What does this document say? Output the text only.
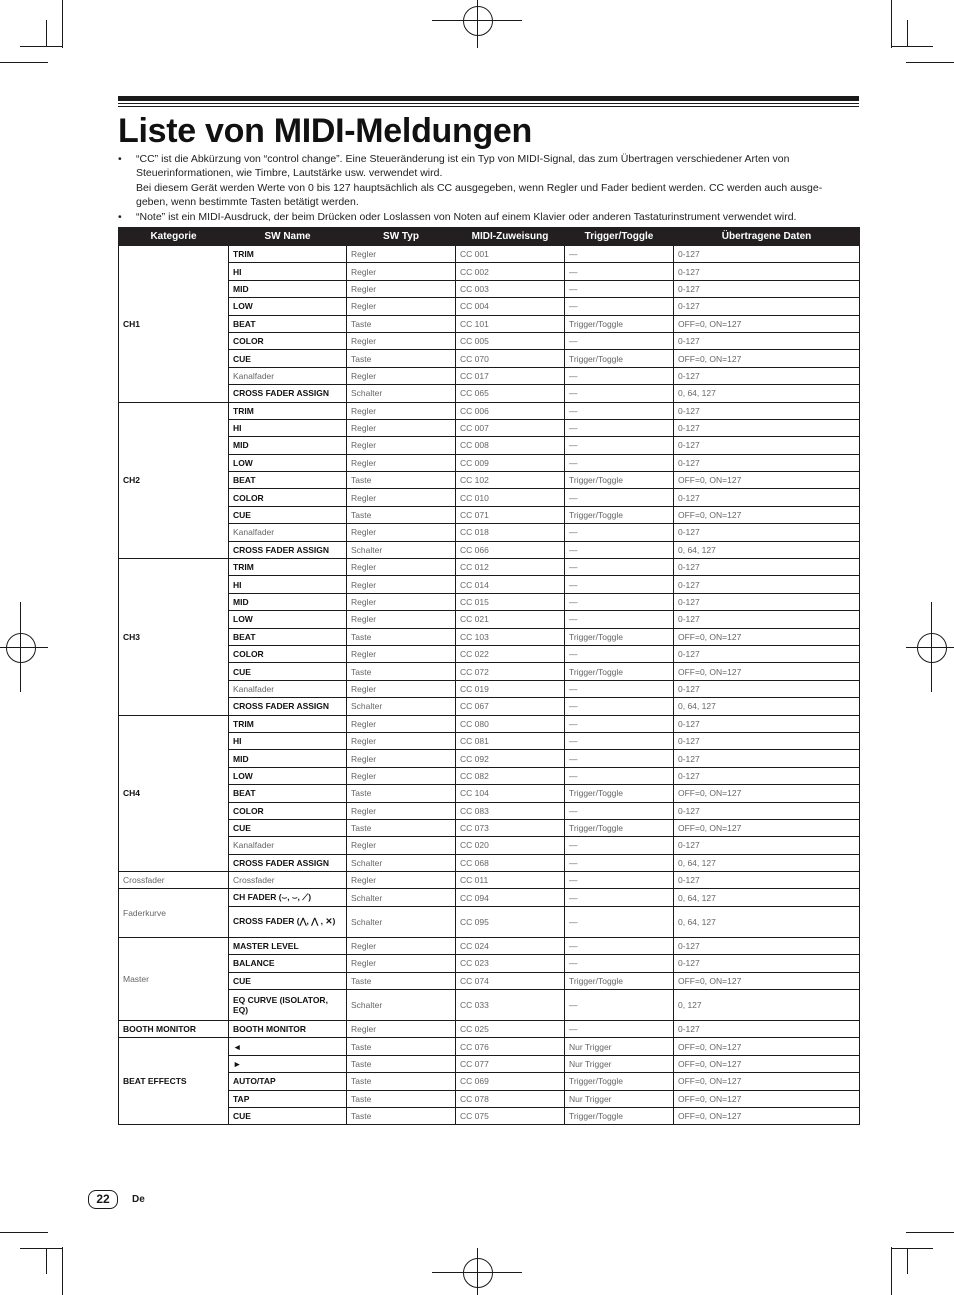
Liste von MIDI-Meldungen
• “CC” ist die Abkürzung von “control change”. Eine Steueränderung ist ein Typ von MIDI-Signal, das zum Übertragen verschiedener Arten von
Steuerinformationen, wie Timbre, Lautstärke usw. verwendet wird.
Bei diesem Gerät werden Werte von 0 bis 127 hauptsächlich als CC ausgegeben, wenn Regler und Fader bedient werden. CC werden auch ausge-
geben, wenn bestimmte Tasten betätigt werden.
• “Note” ist ein MIDI-Ausdruck, der beim Drücken oder Loslassen von Noten auf einem Klavier oder anderen Tastaturinstrument verwendet wird.
Kategorie	SW Name	SW Typ	MIDI-Zuweisung	Trigger/Toggle	Übertragene Daten
CH1	TRIM	Regler	CC 001	—	0-127
	HI	Regler	CC 002	—	0-127
	MID	Regler	CC 003	—	0-127
	LOW	Regler	CC 004	—	0-127
	BEAT	Taste	CC 101	Trigger/Toggle	OFF=0, ON=127
	COLOR	Regler	CC 005	—	0-127
	CUE	Taste	CC 070	Trigger/Toggle	OFF=0, ON=127
	Kanalfader	Regler	CC 017	—	0-127
	CROSS FADER ASSIGN	Schalter	CC 065	—	0, 64, 127
CH2	TRIM	Regler	CC 006	—	0-127
	HI	Regler	CC 007	—	0-127
	MID	Regler	CC 008	—	0-127
	LOW	Regler	CC 009	—	0-127
	BEAT	Taste	CC 102	Trigger/Toggle	OFF=0, ON=127
	COLOR	Regler	CC 010	—	0-127
	CUE	Taste	CC 071	Trigger/Toggle	OFF=0, ON=127
	Kanalfader	Regler	CC 018	—	0-127
	CROSS FADER ASSIGN	Schalter	CC 066	—	0, 64, 127
CH3	TRIM	Regler	CC 012	—	0-127
	HI	Regler	CC 014	—	0-127
	MID	Regler	CC 015	—	0-127
	LOW	Regler	CC 021	—	0-127
	BEAT	Taste	CC 103	Trigger/Toggle	OFF=0, ON=127
	COLOR	Regler	CC 022	—	0-127
	CUE	Taste	CC 072	Trigger/Toggle	OFF=0, ON=127
	Kanalfader	Regler	CC 019	—	0-127
	CROSS FADER ASSIGN	Schalter	CC 067	—	0, 64, 127
CH4	TRIM	Regler	CC 080	—	0-127
	HI	Regler	CC 081	—	0-127
	MID	Regler	CC 092	—	0-127
	LOW	Regler	CC 082	—	0-127
	BEAT	Taste	CC 104	Trigger/Toggle	OFF=0, ON=127
	COLOR	Regler	CC 083	—	0-127
	CUE	Taste	CC 073	Trigger/Toggle	OFF=0, ON=127
	Kanalfader	Regler	CC 020	—	0-127
	CROSS FADER ASSIGN	Schalter	CC 068	—	0, 64, 127
Crossfader	Crossfader	Regler	CC 011	—	0-127
Faderkurve	CH FADER (⌣, ⌣, ⟋)	Schalter	CC 094	—	0, 64, 127
	CROSS FADER (⋀, ⋀ , ✕)	Schalter	CC 095	—	0, 64, 127
Master	MASTER LEVEL	Regler	CC 024	—	0-127
	BALANCE	Regler	CC 023	—	0-127
	CUE	Taste	CC 074	Trigger/Toggle	OFF=0, ON=127
	EQ CURVE (ISOLATOR, EQ)	Schalter	CC 033	—	0, 127
BOOTH MONITOR	BOOTH MONITOR	Regler	CC 025	—	0-127
BEAT EFFECTS	◄	Taste	CC 076	Nur Trigger	OFF=0, ON=127
	►	Taste	CC 077	Nur Trigger	OFF=0, ON=127
	AUTO/TAP	Taste	CC 069	Trigger/Toggle	OFF=0, ON=127
	TAP	Taste	CC 078	Nur Trigger	OFF=0, ON=127
	CUE	Taste	CC 075	Trigger/Toggle	OFF=0, ON=127
22	De
